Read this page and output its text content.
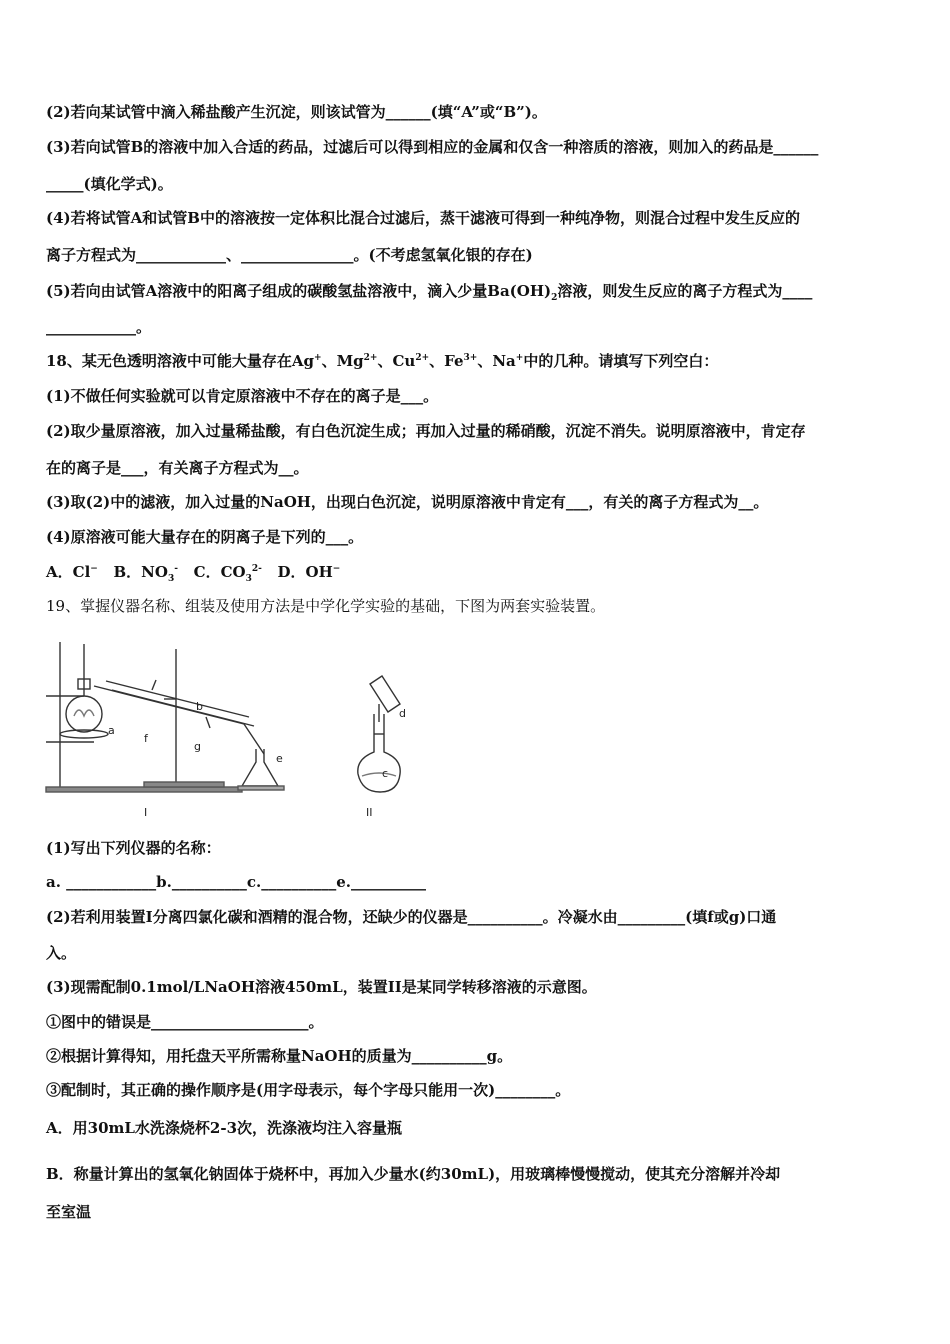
(2)若向某试管中滴入稀盐酸产生沉淀，则该试管为______(填“A”或“B”)。
(3)若向试管B的溶液中加入合适的药品，过滤后可以得到相应的金属和仅含一种溶质的溶液，则加入的药品是______
_____(填化学式)。
(4)若将试管A和试管B中的溶液按一定体积比混合过滤后，蒸干滤液可得到一种纯净物，则混合过程中发生反应的
离子方程式为____________、_______________。(不考虑氢氧化银的存在)
(5)若向由试管A溶液中的阳离子组成的碳酸氢盐溶液中，滴入少量$Ba(OH)_2$溶液，则发生反应的离子方程式为____
____________。
18、某无色透明溶液中可能大量存在Ag+、$Mg^{2+}$、$Cu^{2+}$、$Fe^{3+}$、Na+中的几种。请填写下列空白：
(1)不做任何实验就可以肯定原溶液中不存在的离子是___。
(2)取少量原溶液，加入过量稀盐酸，有白色沉淀生成；再加入过量的稀硝酸，沉淀不消失。说明原溶液中，肯定存
在的离子是___，有关离子方程式为__。
(3)取(2)中的滤液，加入过量的NaOH，出现白色沉淀，说明原溶液中肯定有___，有关的离子方程式为__。
(4)原溶液可能大量存在的阴离子是下列的___。
A．Cl− B．$NO_3^-$ C．$CO_3^{2-}$ D．OH−
19、掌握仪器名称、组装及使用方法是中学化学实验的基础，下图为两套实验装置。
a
b
f
g
e
d
c
I	II
(1)写出下列仪器的名称：
a. ____________b.__________c.__________e.__________
(2)若利用装置I分离四氯化碳和酒精的混合物，还缺少的仪器是__________。冷凝水由_________(填f或g)口通
入。
(3)现需配制0.1mol/LNaOH溶液450mL，装置II是某同学转移溶液的示意图。
①图中的错误是_____________________。
②根据计算得知，用托盘天平所需称量NaOH的质量为__________g。
③配制时，其正确的操作顺序是(用字母表示，每个字母只能用一次)________。
A．用30mL水洗涤烧杯2-3次，洗涤液均注入容量瓶
B．称量计算出的氢氧化钠固体于烧杯中，再加入少量水(约30mL)，用玻璃棒慢慢搅动，使其充分溶解并冷却
至室温
